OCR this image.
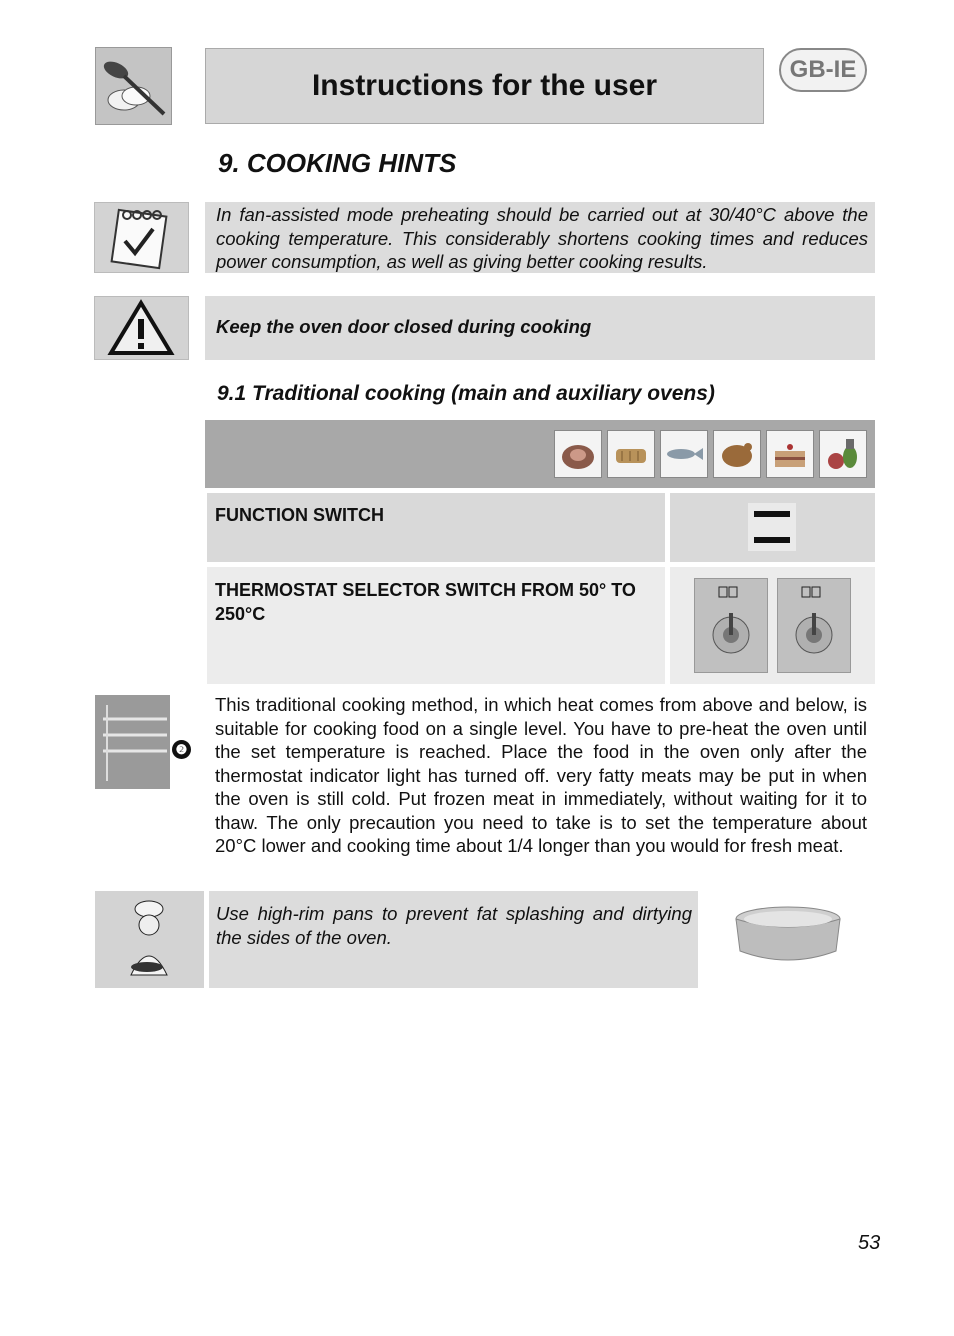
Instructions for the user	GB-IE
9. COOKING HINTS
In fan-assisted mode preheating should be carried out at 30/40°C above the cooking temperature. This considerably shortens cooking times and reduces power consumption, as well as giving better cooking results.
Keep the oven door closed during cooking
9.1 Traditional cooking (main and auxiliary ovens)
FUNCTION SWITCH
THERMOSTAT SELECTOR SWITCH FROM 50° TO 250°C
❷
This traditional cooking method, in which heat comes from above and below, is suitable for cooking food on a single level. You have to pre-heat the oven until the set temperature is reached. Place the food in the oven only after the thermostat indicator light has turned off. very fatty meats may be put in when the oven is still cold. Put frozen meat in immediately, without waiting for it to thaw. The only precaution you need to take is to set the temperature about 20°C lower and cooking time about 1/4 longer than you would for fresh meat.
Use high-rim pans to prevent fat splashing and dirtying the sides of the oven.
53
